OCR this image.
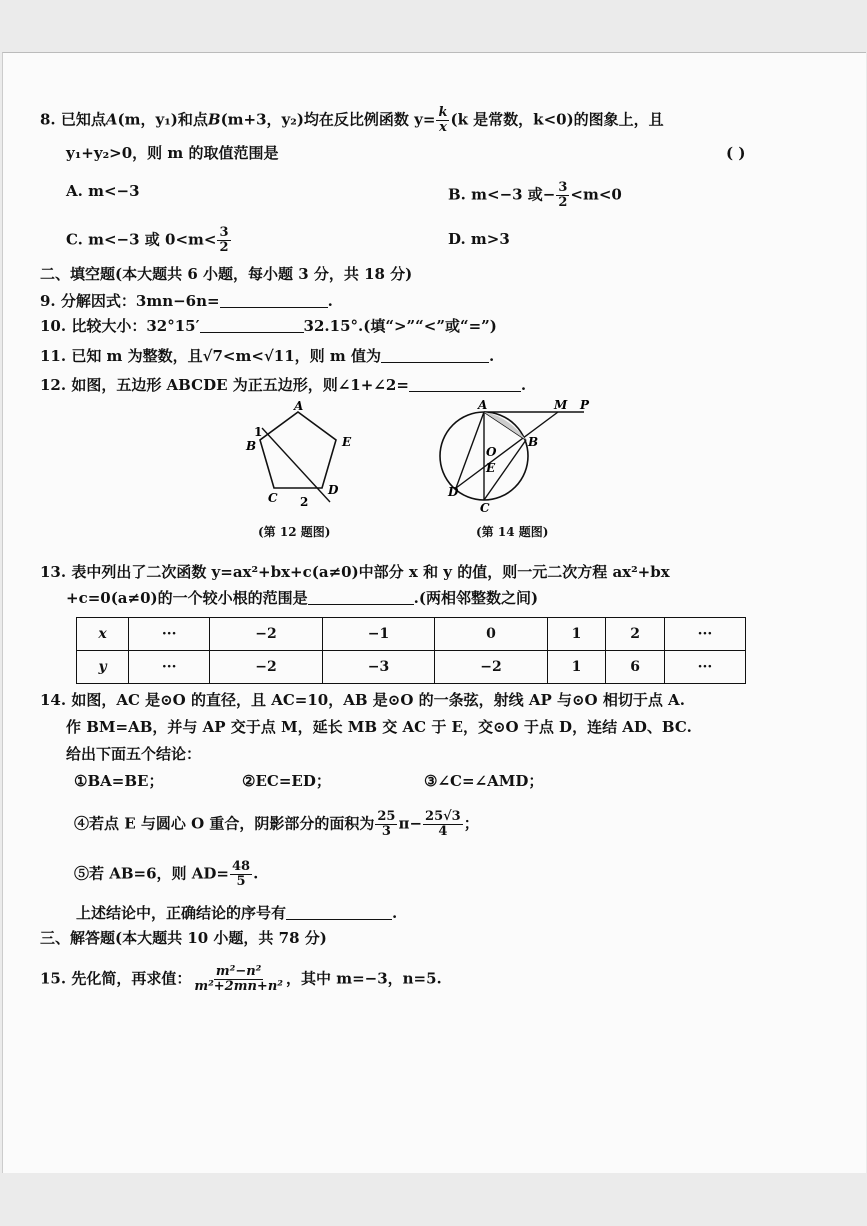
8. 已知点A(m，y₁)和点B(m+3，y₂)均在反比例函数 $y= \frac{k}{x} (k$ 是常数，k<0)的图象上，且
y₁+y₂>0，则 m 的取值范围是	( )
A. m<−3	B. m<−3 或− $\frac{3}{2} <m<0$
C. m<−3 或 $0<m< \frac{3}{2}$	D. m>3
二、填空题(本大题共 6 小题，每小题 3 分，共 18 分)
9. 分解因式：3mn−6n=	.
10. 比较大小：32°15′	32.15°.(填“>”“<”或“=”)
11. 已知 m 为整数，且√7<m<√11，则 m 值为	.
12. 如图，五边形 ABCDE 为正五边形，则∠1+∠2=	.
A
B
C
D
E
1
2
(第 12 题图)
A	M P
B
O
E
D
C
(第 14 题图)
13. 表中列出了二次函数 y=ax²+bx+c(a≠0)中部分 x 和 y 的值，则一元二次方程 ax²+bx
+c=0(a≠0)的一个较小根的范围是	.(两相邻整数之间)
x	···	−2	−1	0	1	2	···
y	···	−2	−3	−2	1	6	···
14. 如图，AC 是⊙O 的直径，且 AC=10，AB 是⊙O 的一条弦，射线 AP 与⊙O 相切于点 A.
作 BM=AB，并与 AP 交于点 M，延长 MB 交 AC 于 E，交⊙O 于点 D，连结 AD、BC.
给出下面五个结论：
①BA=BE；	②EC=ED；	③∠C=∠AMD；
④若点 E 与圆心 O 重合，阴影部分的面积为 $\frac{25}{3} \pi- \frac{25√3}{4}$ ；
⑤若 AB=6，则 $AD= \frac{48}{5}$ .
上述结论中，正确结论的序号有	.
三、解答题(本大题共 10 小题，共 78 分)
15. 先化简，再求值： $\frac{\text{m²−n²}}{\text{m²+2mn+n²}}$ ，其中 m=−3，n=5.
